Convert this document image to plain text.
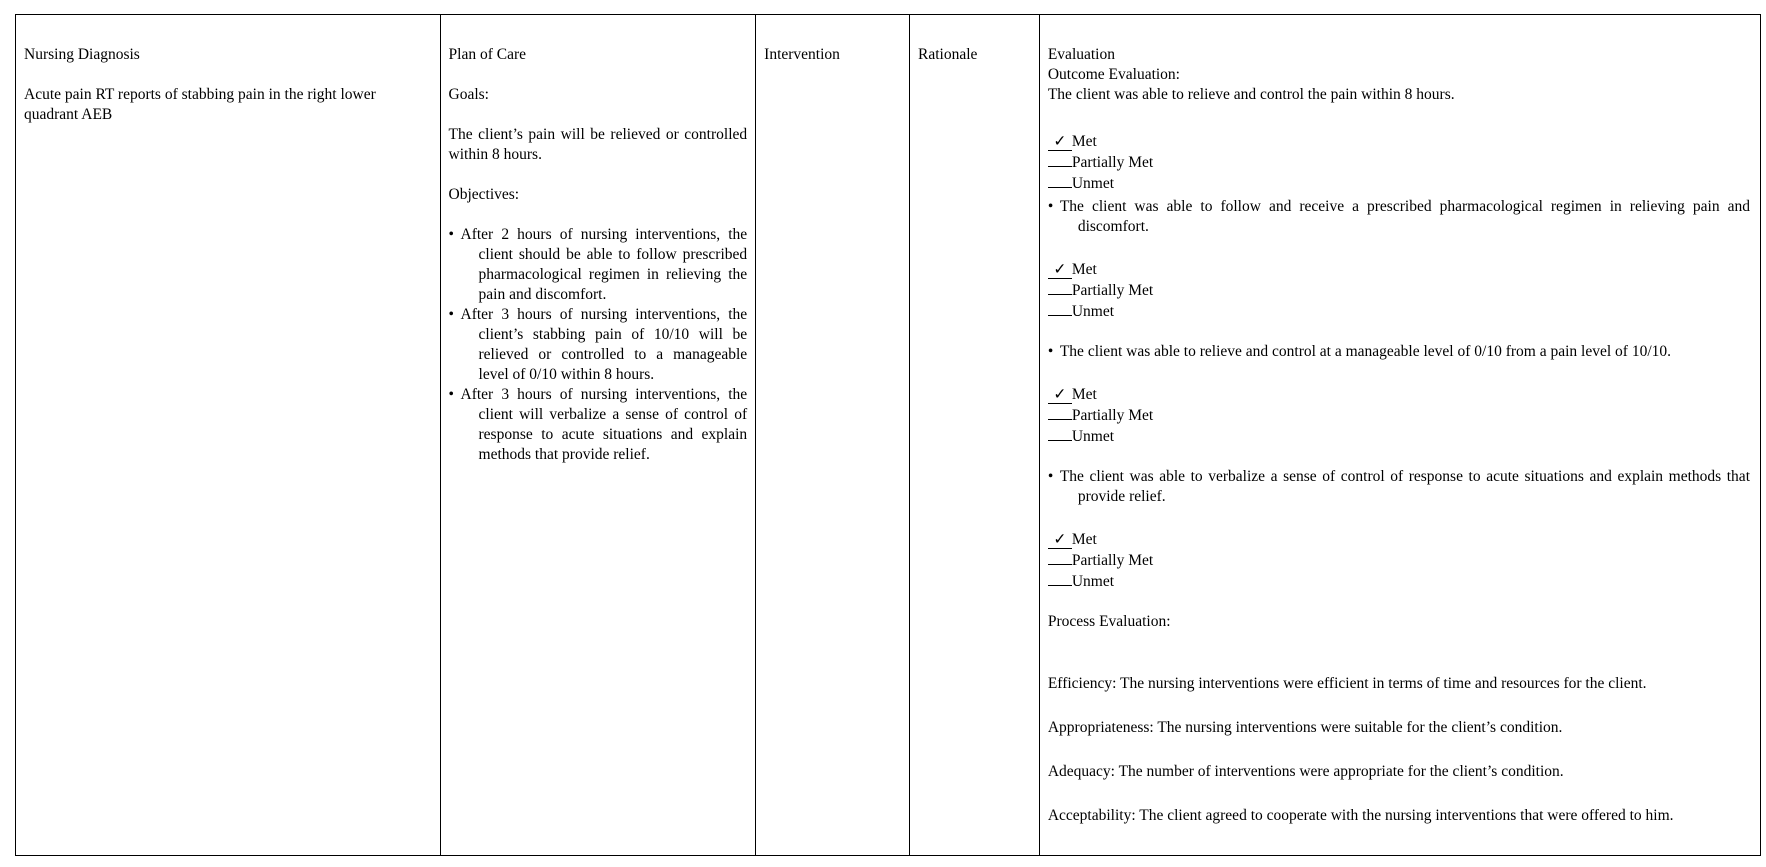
Nursing Diagnosis

Acute pain RT reports of stabbing pain in the right lower quadrant AEB

Plan of Care

Goals:

The client’s pain will be relieved or controlled within 8 hours.

Objectives:

• After 2 hours of nursing interventions, the client should be able to follow prescribed pharmacological regimen in relieving the pain and discomfort.
• After 3 hours of nursing interventions, the client’s stabbing pain of 10/10 will be relieved or controlled to a manageable level of 0/10 within 8 hours.
• After 3 hours of nursing interventions, the client will verbalize a sense of control of response to acute situations and explain methods that provide relief.

Intervention	Rationale	Evaluation

Outcome Evaluation:

The client was able to relieve and control the pain within 8 hours.

✓ Met

Partially Met

Unmet

• The client was able to follow and receive a prescribed pharmacological regimen in relieving pain and discomfort.

✓ Met

Partially Met

Unmet

• The client was able to relieve and control at a manageable level of 0/10 from a pain level of 10/10.

✓ Met

Partially Met

Unmet

• The client was able to verbalize a sense of control of response to acute situations and explain methods that provide relief.

✓ Met

Partially Met

Unmet

Process Evaluation:

Efficiency: The nursing interventions were efficient in terms of time and resources for the client.

Appropriateness: The nursing interventions were suitable for the client’s condition.

Adequacy: The number of interventions were appropriate for the client’s condition.

Acceptability: The client agreed to cooperate with the nursing interventions that were offered to him.
